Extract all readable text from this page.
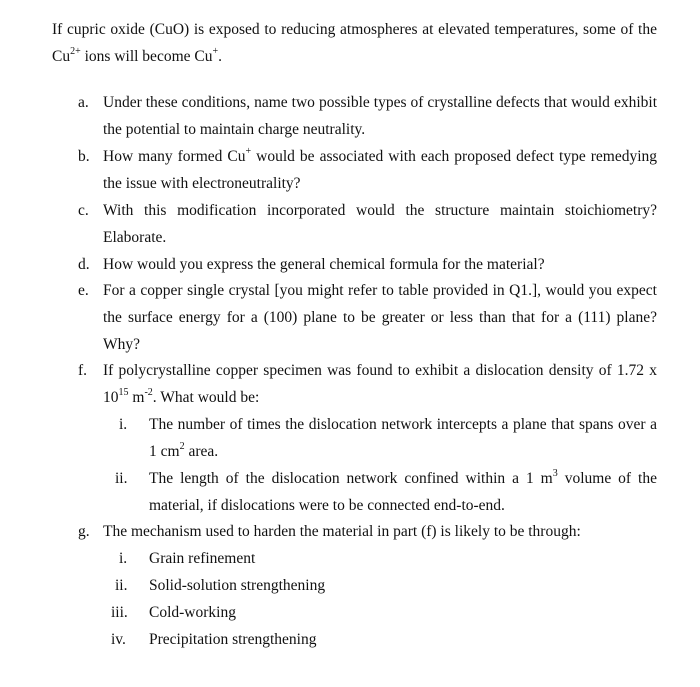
If cupric oxide (CuO) is exposed to reducing atmospheres at elevated temperatures, some of the
$Cu^{2+}$ ions will become Cu+.
a. Under these conditions, name two possible types of crystalline defects that would exhibit
the potential to maintain charge neutrality.
b. How many formed Cu+ would be associated with each proposed defect type remedying
the issue with electroneutrality?
c. With this modification incorporated would the structure maintain stoichiometry?
Elaborate.
d. How would you express the general chemical formula for the material?
e. For a copper single crystal [you might refer to table provided in Q1.], would you expect
the surface energy for a (100) plane to be greater or less than that for a (111) plane?
Why?
f. If polycrystalline copper specimen was found to exhibit a dislocation density of 1.72 x
$10^{15}$ $m^{-2}$. What would be:
i. The number of times the dislocation network intercepts a plane that spans over a
1 $cm^2$ area.
ii. The length of the dislocation network confined within a 1 $m^3$ volume of the
material, if dislocations were to be connected end-to-end.
g. The mechanism used to harden the material in part (f) is likely to be through:
i. Grain refinement
ii. Solid-solution strengthening
iii. Cold-working
iv. Precipitation strengthening
